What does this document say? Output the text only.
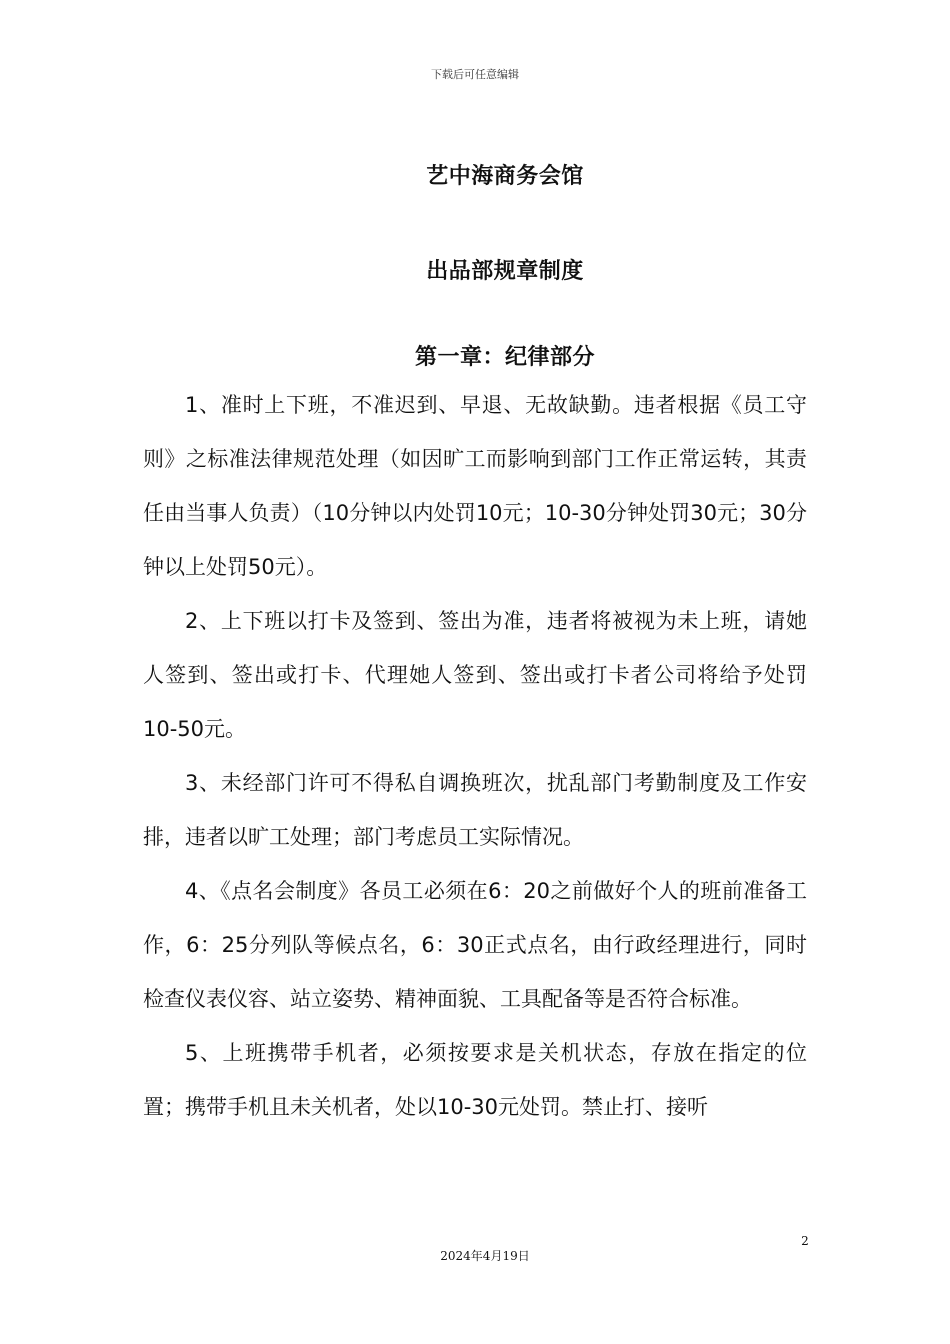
下载后可任意编辑
艺中海商务会馆
出品部规章制度
第一章：纪律部分

1、准时上下班，不准迟到、早退、无故缺勤。违者根据《员工守则》之标准法律规范处理（如因旷工而影响到部门工作正常运转，其责任由当事人负责）（10分钟以内处罚10元；10-30分钟处罚30元；30分钟以上处罚50元）。

2、上下班以打卡及签到、签出为准，违者将被视为未上班，请她人签到、签出或打卡、代理她人签到、签出或打卡者公司将给予处罚10-50元。

3、未经部门许可不得私自调换班次，扰乱部门考勤制度及工作安排，违者以旷工处理；部门考虑员工实际情况。

4、《点名会制度》各员工必须在6：20之前做好个人的班前准备工作，6：25分列队等候点名，6：30正式点名，由行政经理进行，同时检查仪表仪容、站立姿势、精神面貌、工具配备等是否符合标准。

5、上班携带手机者，必须按要求是关机状态，存放在指定的位置；携带手机且未关机者，处以10-30元处罚。禁止打、接听

2
2024年4月19日
